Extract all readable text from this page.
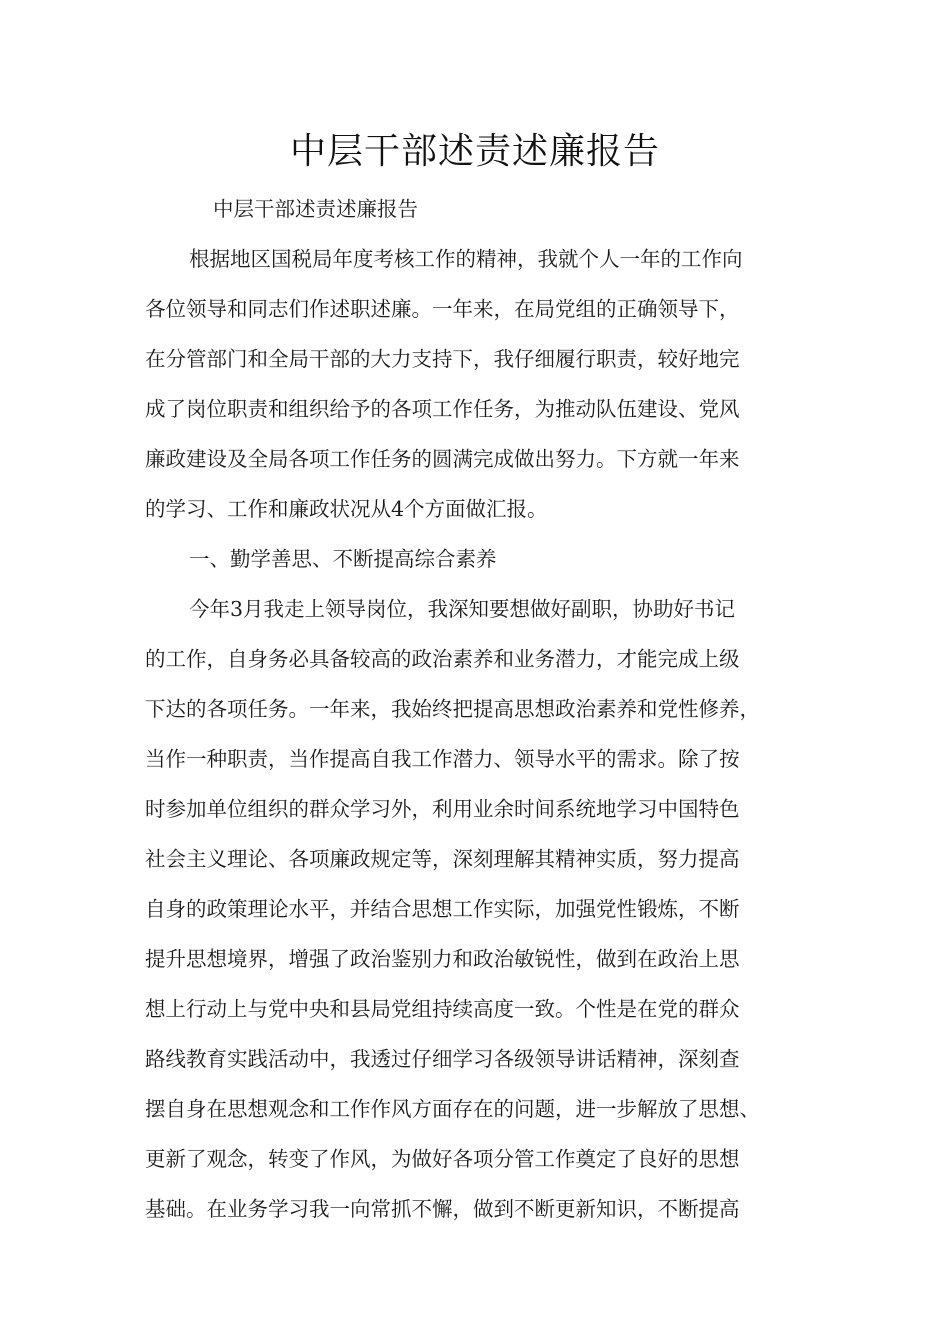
中层干部述责述廉报告
中层干部述责述廉报告
根据地区国税局年度考核工作的精神，我就个人一年的工作向
各位领导和同志们作述职述廉。一年来，在局党组的正确领导下，
在分管部门和全局干部的大力支持下，我仔细履行职责，较好地完
成了岗位职责和组织给予的各项工作任务，为推动队伍建设、党风
廉政建设及全局各项工作任务的圆满完成做出努力。下方就一年来
的学习、工作和廉政状况从4个方面做汇报。
一、勤学善思、不断提高综合素养
今年3月我走上领导岗位，我深知要想做好副职，协助好书记
的工作，自身务必具备较高的政治素养和业务潜力，才能完成上级
下达的各项任务。一年来，我始终把提高思想政治素养和党性修养，
当作一种职责，当作提高自我工作潜力、领导水平的需求。除了按
时参加单位组织的群众学习外，利用业余时间系统地学习中国特色
社会主义理论、各项廉政规定等，深刻理解其精神实质，努力提高
自身的政策理论水平，并结合思想工作实际，加强党性锻炼，不断
提升思想境界，增强了政治鉴别力和政治敏锐性，做到在政治上思
想上行动上与党中央和县局党组持续高度一致。个性是在党的群众
路线教育实践活动中，我透过仔细学习各级领导讲话精神，深刻查
摆自身在思想观念和工作作风方面存在的问题，进一步解放了思想、
更新了观念，转变了作风，为做好各项分管工作奠定了良好的思想
基础。在业务学习我一向常抓不懈，做到不断更新知识，不断提高
